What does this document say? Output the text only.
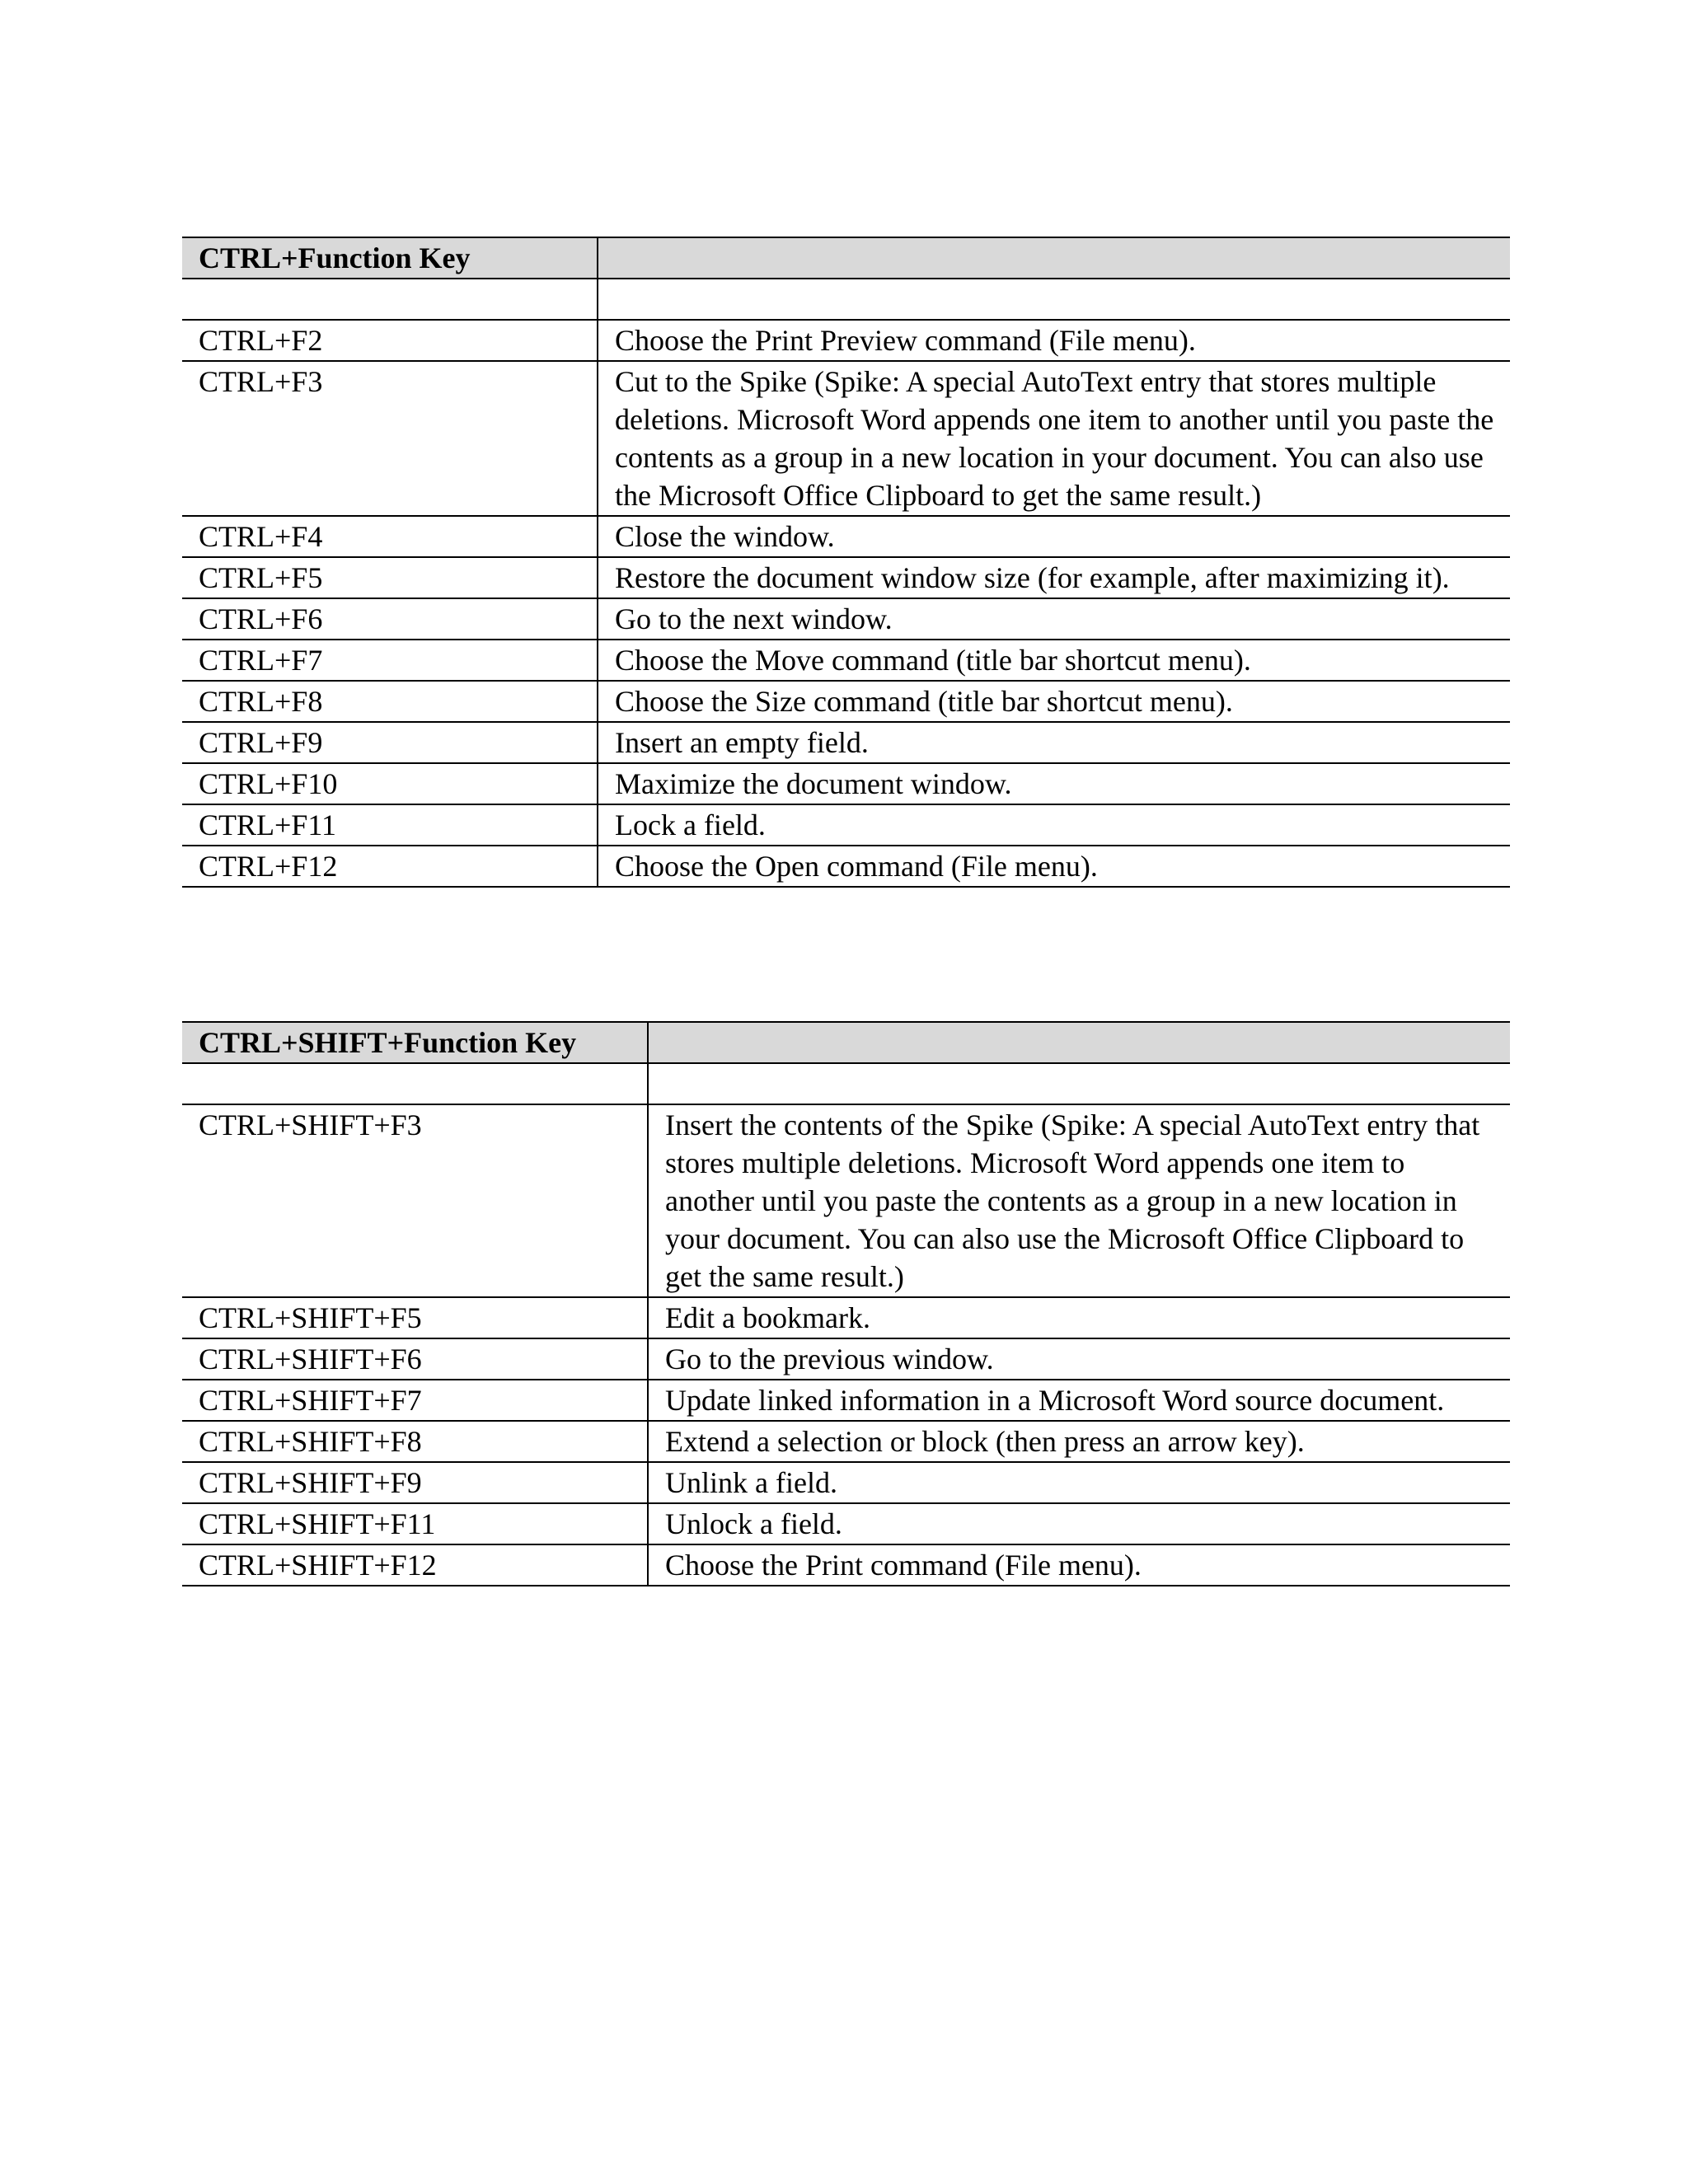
CTRL+Function Key	

CTRL+F2	Choose the Print Preview command (File menu).
CTRL+F3	Cut to the Spike (Spike: A special AutoText entry that stores multiple deletions. Microsoft Word appends one item to another until you paste the contents as a group in a new location in your document. You can also use the Microsoft Office Clipboard to get the same result.)
CTRL+F4	Close the window.
CTRL+F5	Restore the document window size (for example, after maximizing it).
CTRL+F6	Go to the next window.
CTRL+F7	Choose the Move command (title bar shortcut menu).
CTRL+F8	Choose the Size command (title bar shortcut menu).
CTRL+F9	Insert an empty field.
CTRL+F10	Maximize the document window.
CTRL+F11	Lock a field.
CTRL+F12	Choose the Open command (File menu).
CTRL+SHIFT+Function Key	

CTRL+SHIFT+F3	Insert the contents of the Spike (Spike: A special AutoText entry that stores multiple deletions. Microsoft Word appends one item to another until you paste the contents as a group in a new location in your document. You can also use the Microsoft Office Clipboard to get the same result.)
CTRL+SHIFT+F5	Edit a bookmark.
CTRL+SHIFT+F6	Go to the previous window.
CTRL+SHIFT+F7	Update linked information in a Microsoft Word source document.
CTRL+SHIFT+F8	Extend a selection or block (then press an arrow key).
CTRL+SHIFT+F9	Unlink a field.
CTRL+SHIFT+F11	Unlock a field.
CTRL+SHIFT+F12	Choose the Print command (File menu).
